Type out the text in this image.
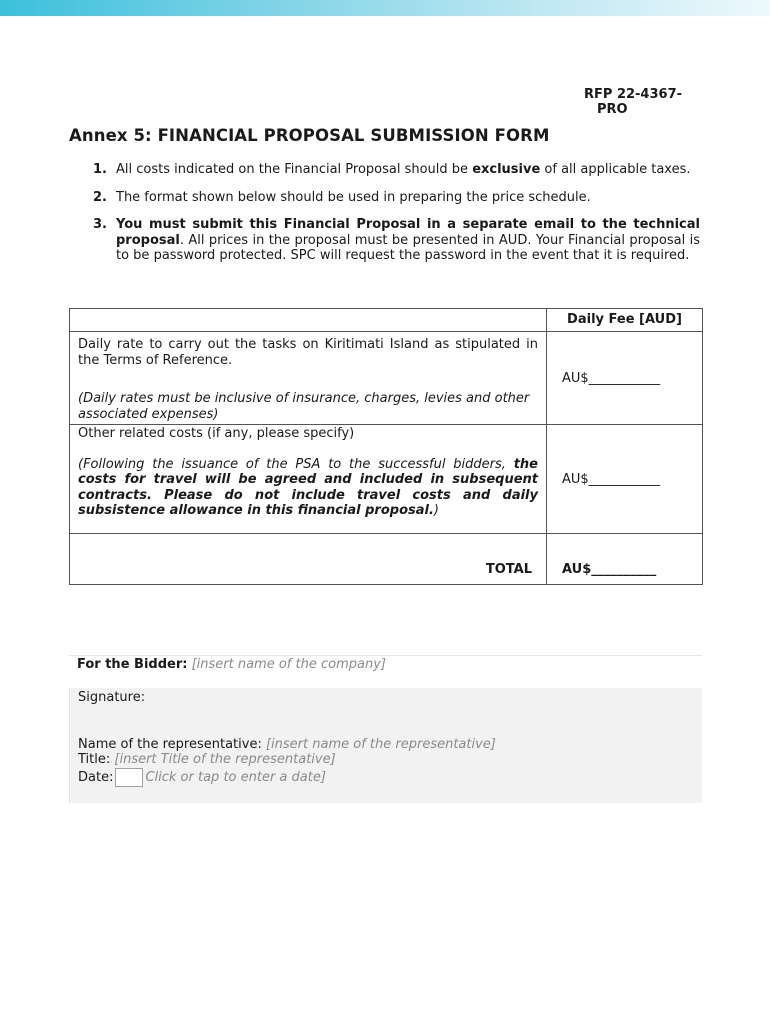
RFP 22-4367-
PRO
Annex 5: FINANCIAL PROPOSAL SUBMISSION FORM
1. All costs indicated on the Financial Proposal should be exclusive of all applicable taxes.
2. The format shown below should be used in preparing the price schedule.
3. You must submit this Financial Proposal in a separate email to the technical proposal. All prices in the proposal must be presented in AUD. Your Financial proposal is to be password protected. SPC will request the password in the event that it is required.
	Daily Fee [AUD]

Daily rate to carry out the tasks on Kiritimati Island as stipulated in the Terms of Reference.

(Daily rates must be inclusive of insurance, charges, levies and other associated expenses)	AU$___________

Other related costs (if any, please specify)

(Following the issuance of the PSA to the successful bidders, the costs for travel will be agreed and included in subsequent contracts. Please do not include travel costs and daily subsistence allowance in this financial proposal.)	AU$___________

TOTAL	AU$__________
For the Bidder: [insert name of the company]
Signature:
Name of the representative: [insert name of the representative]
Title: [insert Title of the representative]
Date: Click or tap to enter a date]
